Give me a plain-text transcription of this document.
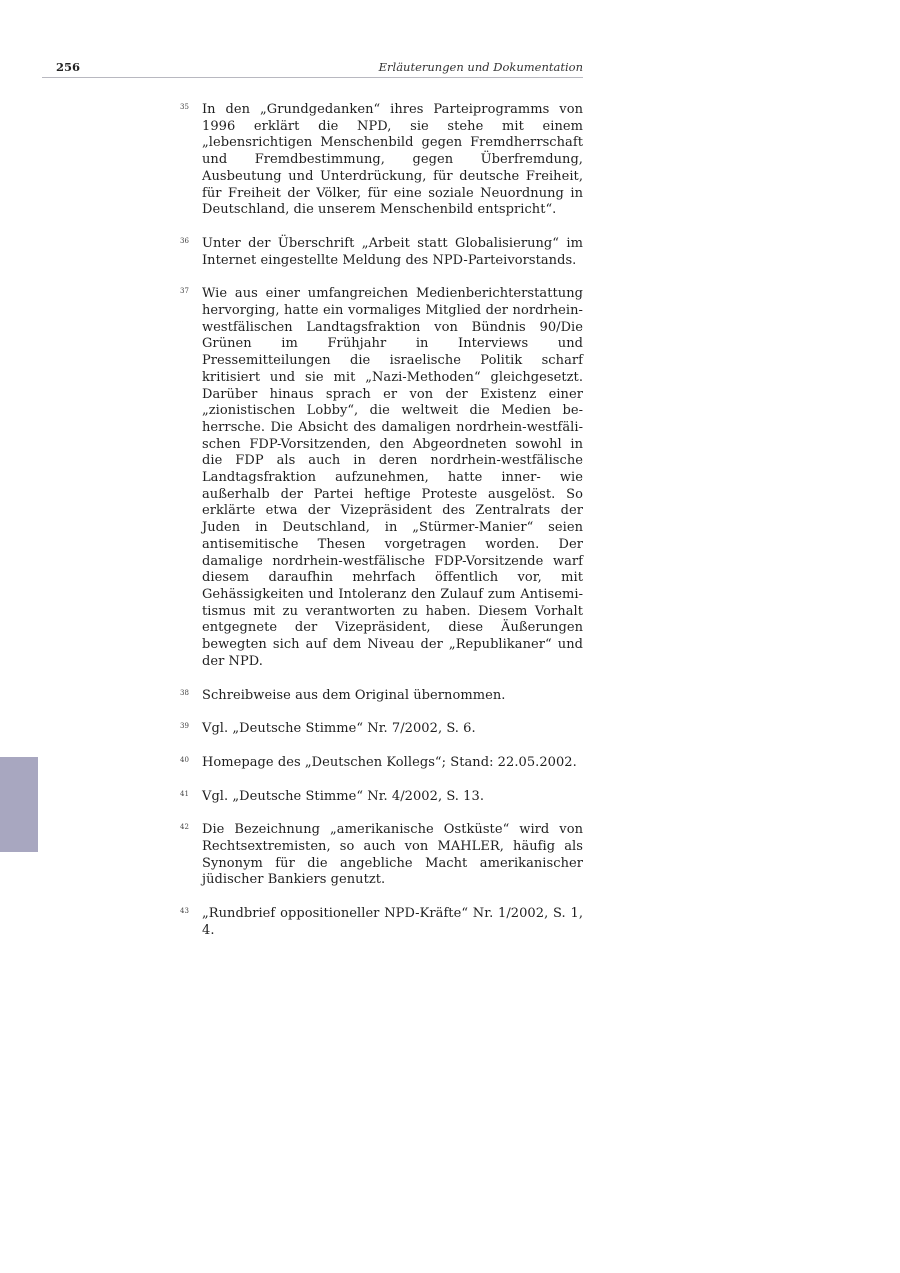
256	Erläuterungen und Dokumentation
35 In den „Grundgedanken“ ihres Parteiprogramms von 1996 erklärt die NPD, sie stehe mit einem „lebensrichtigen Menschenbild gegen Fremdherrschaft und Fremdbestimmung, gegen Überfremdung, Ausbeutung und Unterdrückung, für deutsche Freiheit, für Freiheit der Völker, für eine soziale Neuordnung in Deutschland, die unserem Menschenbild entspricht“.
36 Unter der Überschrift „Arbeit statt Globalisierung“ im Internet eingestellte Meldung des NPD-Parteivorstands.
37 Wie aus einer umfangreichen Medienberichterstattung hervorging, hatte ein vormaliges Mitglied der nordrhein-westfälischen Landtagsfraktion von Bündnis 90/Die Grünen im Frühjahr in Interviews und Pressemitteilungen die israelische Politik scharf kritisiert und sie mit „Nazi-Methoden“ gleichgesetzt. Darüber hinaus sprach er von der Existenz einer „zionistischen Lobby“, die weltweit die Medien beherrsche. Die Absicht des damaligen nordrhein-westfälischen FDP-Vorsitzenden, den Abgeordneten sowohl in die FDP als auch in deren nordrhein-westfälische Landtagsfraktion aufzunehmen, hatte inner- wie außerhalb der Partei heftige Proteste ausgelöst. So erklärte etwa der Vizepräsident des Zentralrats der Juden in Deutschland, in „Stürmer-Manier“ seien antisemitische Thesen vorgetragen worden. Der damalige nordrhein-westfälische FDP-Vorsitzende warf diesem daraufhin mehrfach öffentlich vor, mit Gehässigkeiten und Intoleranz den Zulauf zum Antisemitismus mit zu verantworten zu haben. Diesem Vorhalt entgegnete der Vizepräsident, diese Äußerungen bewegten sich auf dem Niveau der „Republikaner“ und der NPD.
38 Schreibweise aus dem Original übernommen.
39 Vgl. „Deutsche Stimme“ Nr. 7/2002, S. 6.
40 Homepage des „Deutschen Kollegs“; Stand: 22.05.2002.
41 Vgl. „Deutsche Stimme“ Nr. 4/2002, S. 13.
42 Die Bezeichnung „amerikanische Ostküste“ wird von Rechtsextremisten, so auch von MAHLER, häufig als Synonym für die angebliche Macht amerikanischer jüdischer Bankiers genutzt.
43 „Rundbrief oppositioneller NPD-Kräfte“ Nr. 1/2002, S. 1, 4.
